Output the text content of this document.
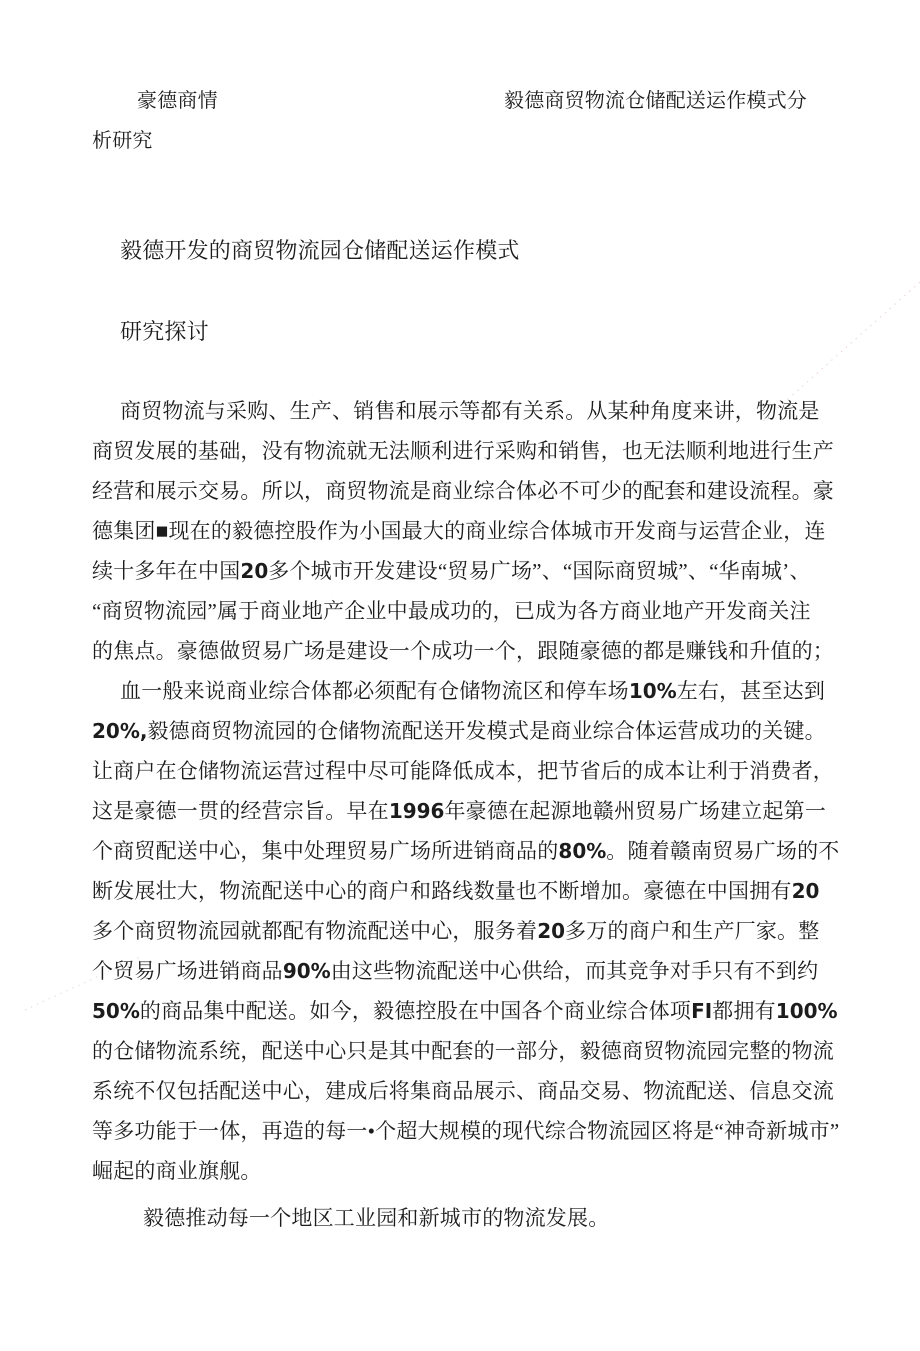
豪德商情	毅德商贸物流仓储配送运作模式分
析研究
毅德开发的商贸物流园仓储配送运作模式
研究探讨
商贸物流与采购、生产、销售和展示等都有关系。从某种角度来讲，物流是
商贸发展的基础，没有物流就无法顺利进行采购和销售，也无法顺利地进行生产
经营和展示交易。所以，商贸物流是商业综合体必不可少的配套和建设流程。豪
德集团■现在的毅德控股作为小国最大的商业综合体城市开发商与运营企业，连
续十多年在中国20多个城市开发建设“贸易广场”、“国际商贸城”、“华南城’、
“商贸物流园”属于商业地产企业中最成功的，已成为各方商业地产开发商关注
的焦点。豪德做贸易广场是建设一个成功一个，跟随豪德的都是赚钱和升值的；
血一般来说商业综合体都必须配有仓储物流区和停车场10%左右，甚至达到
20%,毅德商贸物流园的仓储物流配送开发模式是商业综合体运营成功的关键。
让商户在仓储物流运营过程中尽可能降低成本，把节省后的成本让利于消费者，
这是豪德一贯的经营宗旨。早在1996年豪德在起源地赣州贸易广场建立起第一
个商贸配送中心，集中处理贸易广场所进销商品的80%。随着赣南贸易广场的不
断发展壮大，物流配送中心的商户和路线数量也不断增加。豪德在中国拥有20
多个商贸物流园就都配有物流配送中心，服务着20多万的商户和生产厂家。整
个贸易广场进销商品90%由这些物流配送中心供给，而其竞争对手只有不到约
50%的商品集中配送。如今，毅德控股在中国各个商业综合体项FI都拥有100%
的仓储物流系统，配送中心只是其中配套的一部分，毅德商贸物流园完整的物流
系统不仅包括配送中心，建成后将集商品展示、商品交易、物流配送、信息交流
等多功能于一体，再造的每一•个超大规模的现代综合物流园区将是“神奇新城市”
崛起的商业旗舰。
毅德推动每一个地区工业园和新城市的物流发展。
